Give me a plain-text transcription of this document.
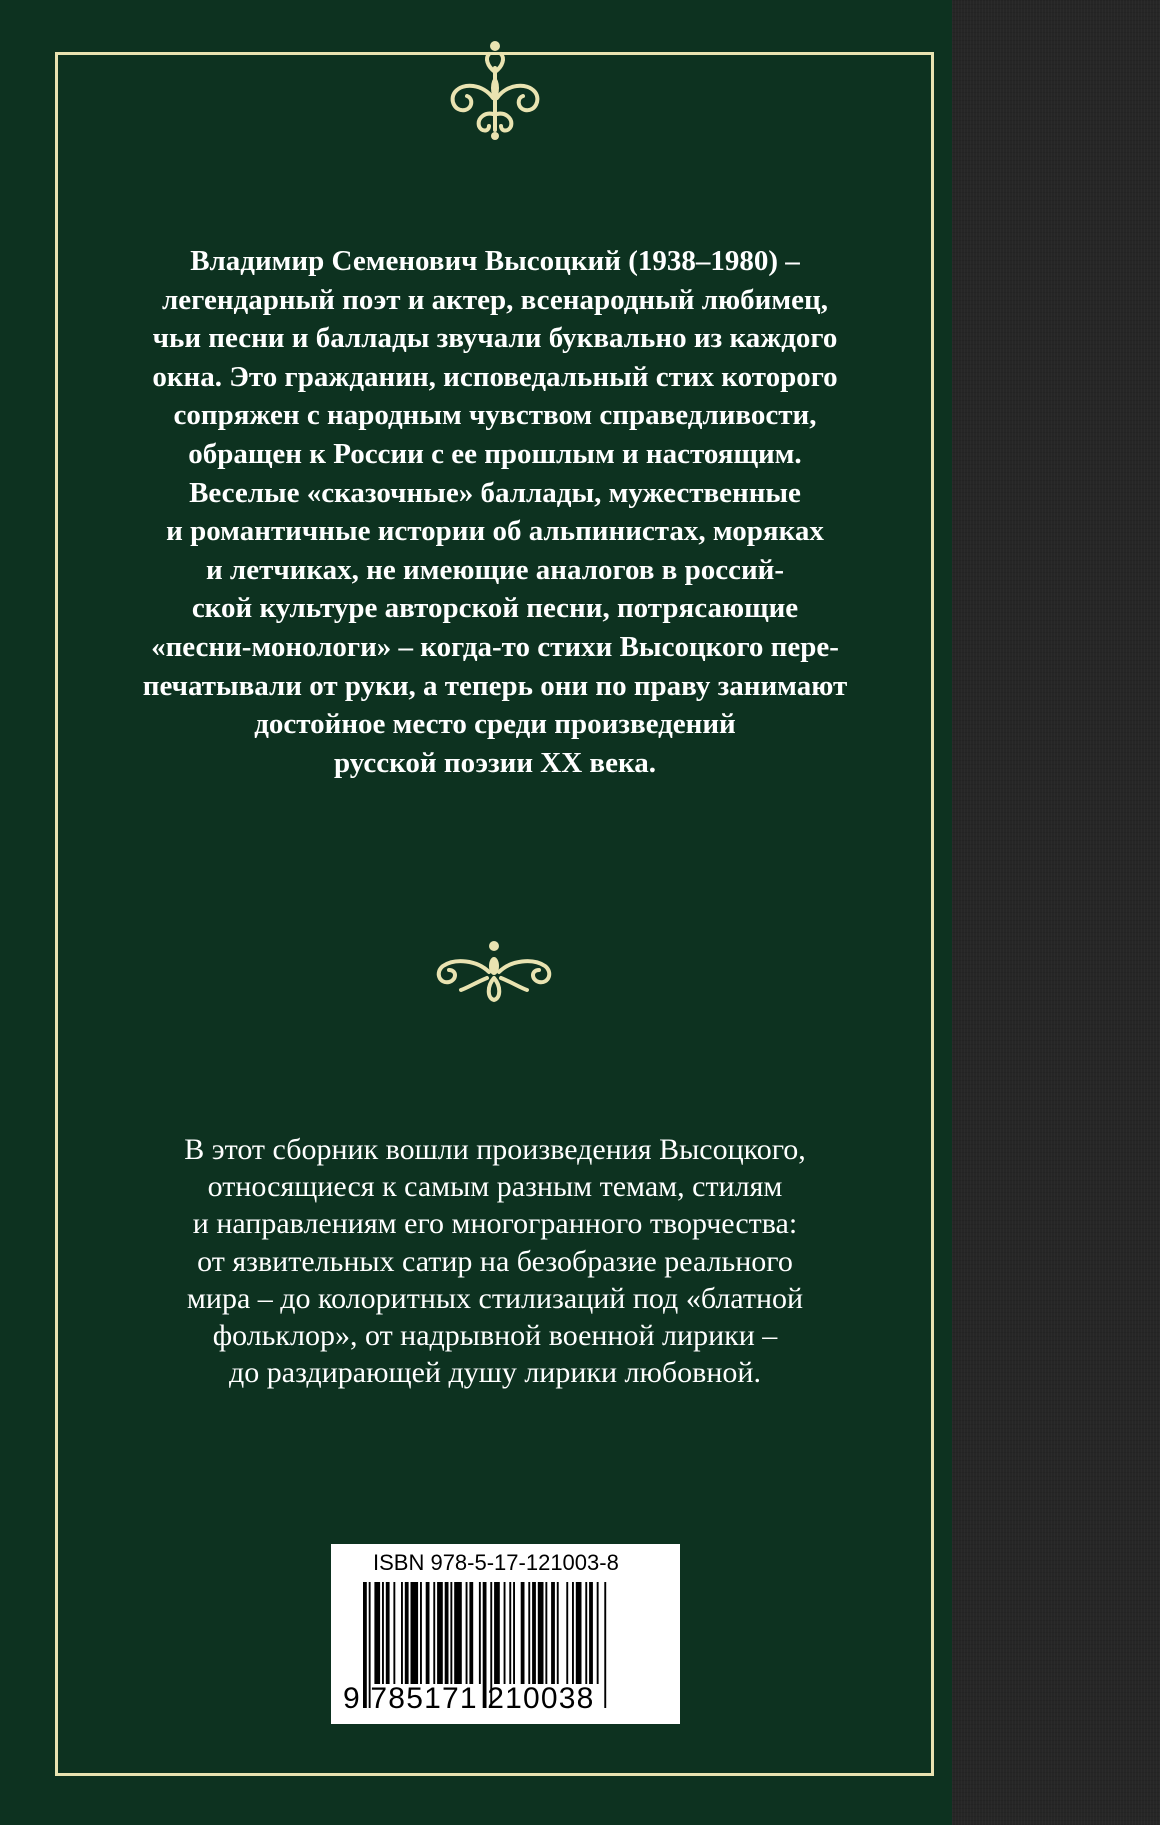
Владимир Семенович Высоцкий (1938–1980) –
легендарный поэт и актер, всенародный любимец,
чьи песни и баллады звучали буквально из каждого
окна. Это гражданин, исповедальный стих которого
сопряжен с народным чувством справедливости,
обращен к России с ее прошлым и настоящим.
Веселые «сказочные» баллады, мужественные
и романтичные истории об альпинистах, моряках
и летчиках, не имеющие аналогов в россий-
ской культуре авторской песни, потрясающие
«песни-монологи» – когда-то стихи Высоцкого пере-
печатывали от руки, а теперь они по праву занимают
достойное место среди произведений
русской поэзии XX века.

В этот сборник вошли произведения Высоцкого,
относящиеся к самым разным темам, стилям
и направлениям его многогранного творчества:
от язвительных сатир на безобразие реального
мира – до колоритных стилизаций под «блатной
фольклор», от надрывной военной лирики –
до раздирающей душу лирики любовной.

ISBN 978-5-17-121003-8
9 785171 210038
